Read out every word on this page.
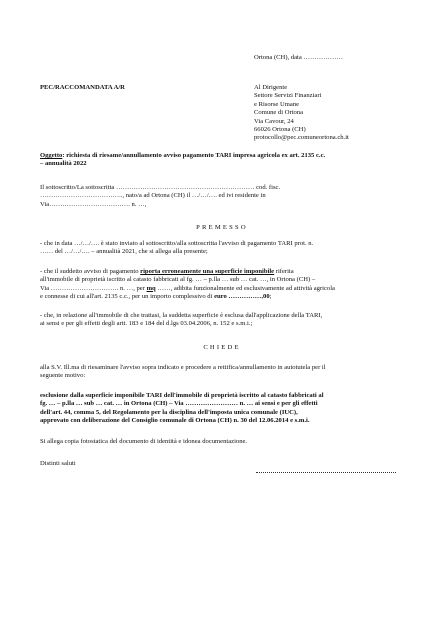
Ortona (CH), data ………………
PEC/RACCOMANDATA A/R	Al Dirigente
Settore Servizi Finanziari
e Risorse Umane
Comune di Ortona
Via Cavour, 24
66026 Ortona (CH)
protocollo@pec.comuneortona.ch.it
Oggetto: richiesta di riesame/annullamento avviso pagamento TARI impresa agricola ex art. 2135 c.c.
– annualità 2022
Il sottoscritto/La sottoscritta ……………………………………………………… cod. fisc.
……………………………….., nato/a ad Ortona (CH) il …/…/…. ed ivi residente in
Via………………………………. n. …,
PREMESSO
- che in data …/…/…. è stato inviato al sottoscritto/alla sottoscritta l'avviso di pagamento TARI prot. n.
…… del …/…/…. – annualità 2021, che si allega alla presente;
- che il suddetto avviso di pagamento riporta erroneamente una superficie imponibile riferita
all'immobile di proprietà iscritto al catasto fabbricati al fg. … – p.lla … sub … cat. …, in Ortona (CH) –
Via …………………………. n. …, per mq ……, adibita funzionalmente ed esclusivamente ad attività agricola
e connesse di cui all'art. 2135 c.c., per un importo complessivo di euro ……………,00;
- che, in relazione all'immobile di che trattasi, la suddetta superficie è esclusa dall'applicazione della TARI,
ai sensi e per gli effetti degli artt. 183 e 184 del d.lgs 03.04.2006, n. 152 e s.m.i.;
CHIEDE
alla S.V. Ill.ma di riesaminare l'avviso sopra indicato e procedere a rettifica/annullamento in autotutela per il
seguente motivo:
esclusione dalla superficie imponibile TARI dell'immobile di proprietà iscritto al catasto fabbricati al
fg. … – p.lla … sub … cat. … in Ortona (CH) – Via …………………… n. … ai sensi e per gli effetti
dell'art. 44, comma 5, del Regolamento per la disciplina dell'imposta unica comunale (IUC),
approvato con deliberazione del Consiglio comunale di Ortona (CH) n. 30 del 12.06.2014 e s.m.i.
Si allega copia fotostatica del documento di identità e idonea documentazione.
Distinti saluti
